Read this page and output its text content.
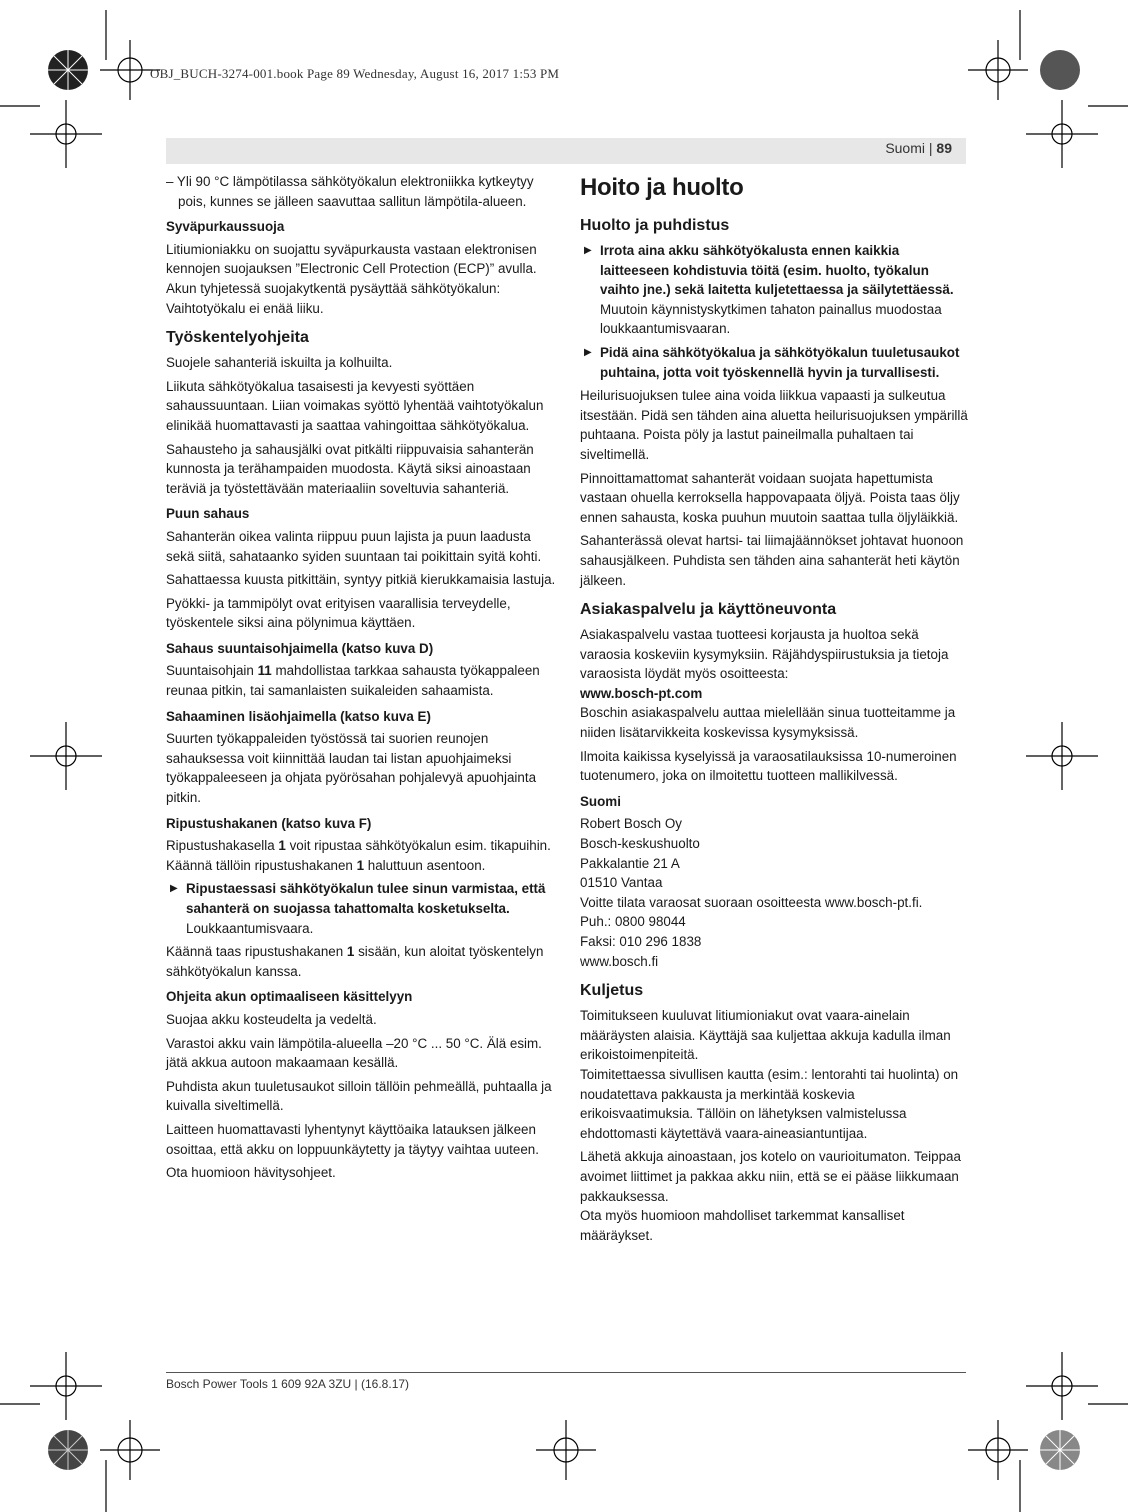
OBJ_BUCH-3274-001.book Page 89 Wednesday, August 16, 2017 1:53 PM
Suomi | 89

– Yli 90 °C lämpötilassa sähkötyökalun elektroniikka kytkeytyy pois, kunnes se jälleen saavuttaa sallitun lämpötila-alueen.

Syväpurkaussuoja

Litiumioniakku on suojattu syväpurkausta vastaan elektronisen kennojen suojauksen ”Electronic Cell Protection (ECP)” avulla. Akun tyhjetessä suojakytkentä pysäyttää sähkötyökalun: Vaihtotyökalu ei enää liiku.

Työskentelyohjeita

Suojele sahanteriä iskuilta ja kolhuilta.

Liikuta sähkötyökalua tasaisesti ja kevyesti syöttäen sahaussuuntaan. Liian voimakas syöttö lyhentää vaihtotyökalun elinikää huomattavasti ja saattaa vahingoittaa sähkötyökalua.

Sahausteho ja sahausjälki ovat pitkälti riippuvaisia sahanterän kunnosta ja terähampaiden muodosta. Käytä siksi ainoastaan teräviä ja työstettävään materiaaliin soveltuvia sahanteriä.

Puun sahaus

Sahanterän oikea valinta riippuu puun lajista ja puun laadusta sekä siitä, sahataanko syiden suuntaan tai poikittain syitä kohti.

Sahattaessa kuusta pitkittäin, syntyy pitkiä kierukkamaisia lastuja.

Pyökki- ja tammipölyt ovat erityisen vaarallisia terveydelle, työskentele siksi aina pölynimua käyttäen.

Sahaus suuntaisohjaimella (katso kuva D)

Suuntaisohjain 11 mahdollistaa tarkkaa sahausta työkappaleen reunaa pitkin, tai samanlaisten suikaleiden sahaamista.

Sahaaminen lisäohjaimella (katso kuva E)

Suurten työkappaleiden työstössä tai suorien reunojen sahauksessa voit kiinnittää laudan tai listan apuohjaimeksi työkappaleeseen ja ohjata pyörösahan pohjalevyä apuohjainta pitkin.

Ripustushakanen (katso kuva F)

Ripustushakasella 1 voit ripustaa sähkötyökalun esim. tikapuihin. Käännä tällöin ripustushakanen 1 haluttuun asentoon.

▶ Ripustaessasi sähkötyökalun tulee sinun varmistaa, että sahanterä on suojassa tahattomalta kosketukselta. Loukkaantumisvaara.

Käännä taas ripustushakanen 1 sisään, kun aloitat työskentelyn sähkötyökalun kanssa.

Ohjeita akun optimaaliseen käsittelyyn

Suojaa akku kosteudelta ja vedeltä.

Varastoi akku vain lämpötila-alueella –20 °C ... 50 °C. Älä esim. jätä akkua autoon makaamaan kesällä.

Puhdista akun tuuletusaukot silloin tällöin pehmeällä, puhtaalla ja kuivalla siveltimellä.

Laitteen huomattavasti lyhentynyt käyttöaika latauksen jälkeen osoittaa, että akku on loppuunkäytetty ja täytyy vaihtaa uuteen.

Ota huomioon hävitysohjeet.

Hoito ja huolto

Huolto ja puhdistus

▶ Irrota aina akku sähkötyökalusta ennen kaikkia laitteeseen kohdistuvia töitä (esim. huolto, työkalun vaihto jne.) sekä laitetta kuljetettaessa ja säilytettäessä. Muutoin käynnistyskytkimen tahaton painallus muodostaa loukkaantumisvaaran.
▶ Pidä aina sähkötyökalua ja sähkötyökalun tuuletusaukot puhtaina, jotta voit työskennellä hyvin ja turvallisesti.

Heilurisuojuksen tulee aina voida liikkua vapaasti ja sulkeutua itsestään. Pidä sen tähden aina aluetta heilurisuojuksen ympärillä puhtaana. Poista pöly ja lastut paineilmalla puhaltaen tai siveltimellä.

Pinnoittamattomat sahanterät voidaan suojata hapettumista vastaan ohuella kerroksella happovapaata öljyä. Poista taas öljy ennen sahausta, koska puuhun muutoin saattaa tulla öljyläikkiä.

Sahanterässä olevat hartsi- tai liimajäännökset johtavat huonoon sahausjälkeen. Puhdista sen tähden aina sahanterät heti käytön jälkeen.

Asiakaspalvelu ja käyttöneuvonta

Asiakaspalvelu vastaa tuotteesi korjausta ja huoltoa sekä varaosia koskeviin kysymyksiin. Räjähdyspiirustuksia ja tietoja varaosista löydät myös osoitteesta:

www.bosch-pt.com

Boschin asiakaspalvelu auttaa mielellään sinua tuotteitamme ja niiden lisätarvikkeita koskevissa kysymyksissä.

Ilmoita kaikissa kyselyissä ja varaosatilauksissa 10-numeroinen tuotenumero, joka on ilmoitettu tuotteen mallikilvessä.

Suomi

Robert Bosch Oy

Bosch-keskushuolto

Pakkalantie 21 A

01510 Vantaa

Voitte tilata varaosat suoraan osoitteesta www.bosch-pt.fi.

Puh.: 0800 98044

Faksi: 010 296 1838

www.bosch.fi

Kuljetus

Toimitukseen kuuluvat litiumioniakut ovat vaara-ainelain määräysten alaisia. Käyttäjä saa kuljettaa akkuja kadulla ilman erikoistoimenpiteitä.

Toimitettaessa sivullisen kautta (esim.: lentorahti tai huolinta) on noudatettava pakkausta ja merkintää koskevia erikoisvaatimuksia. Tällöin on lähetyksen valmistelussa ehdottomasti käytettävä vaara-aineasiantuntijaa.

Lähetä akkuja ainoastaan, jos kotelo on vaurioitumaton. Teippaa avoimet liittimet ja pakkaa akku niin, että se ei pääse liikkumaan pakkauksessa.

Ota myös huomioon mahdolliset tarkemmat kansalliset määräykset.

Bosch Power Tools 1 609 92A 3ZU | (16.8.17)
